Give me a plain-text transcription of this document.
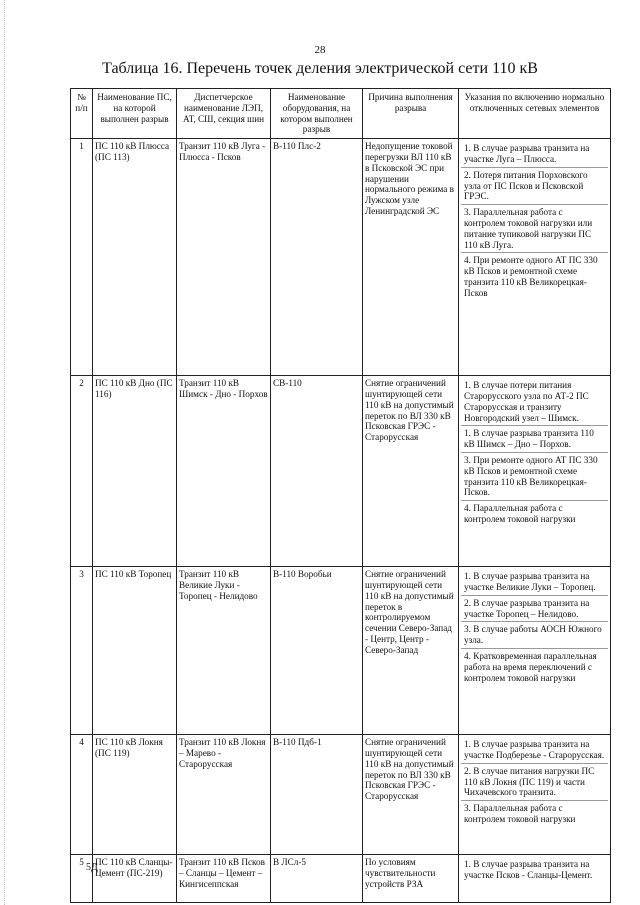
28
Таблица 16. Перечень точек деления электрической сети 110 кВ
№ п/п	Наименование ПС, на которой выполнен разрыв	Диспетчерское наименование ЛЭП, АТ, СШ, секция шин	Наименование оборудования, на котором выполнен разрыв	Причина выполнения разрыва	Указания по включению нормально отключенных сетевых элементов
1	ПС 110 кВ Плюсса (ПС 113)	Транзит 110 кВ Луга - Плюсса - Псков	В-110 Плс-2	Недопущение токовой перегрузки ВЛ 110 кВ в Псковской ЭС при нарушении нормального режима в Лужском узле Ленинградской ЭС	1. В случае разрыва транзита на участке Луга – Плюсса.
2. Потеря питания Порховского узла от ПС Псков и Псковской ГРЭС.
3. Параллельная работа с контролем токовой нагрузки или питание тупиковой нагрузки ПС 110 кВ Луга.
4. При ремонте одного АТ ПС 330 кВ Псков и ремонтной схеме транзита 110 кВ Великорецкая-Псков

2	ПС 110 кВ Дно (ПС 116)	Транзит 110 кВ Шимск - Дно - Порхов	СВ-110	Снятие ограничений шунтирующей сети 110 кВ на допустимый переток по ВЛ 330 кВ Псковская ГРЭС - Старорусская	1. В случае потери питания Старорусского узла по АТ-2 ПС Старорусская и транзиту Новгородский узел – Шимск.
1. В случае разрыва транзита 110 кВ Шимск – Дно – Порхов.
3. При ремонте одного АТ ПС 330 кВ Псков и ремонтной схеме транзита 110 кВ Великорецкая-Псков.
4. Параллельная работа с контролем токовой нагрузки

3	ПС 110 кВ Торопец	Транзит 110 кВ Великие Луки - Торопец - Нелидово	В-110 Воробьи	Снятие ограничений шунтирующей сети 110 кВ на допустимый переток в контролируемом сечении Северо-Запад - Центр, Центр - Северо-Запад	1. В случае разрыва транзита на участке Великие Луки – Торопец.
2. В случае разрыва транзита на участке Торопец – Нелидово.
3. В случае работы АОСН Южного узла.
4. Кратковременная параллельная работа на время переключений с контролем токовой нагрузки

4	ПС 110 кВ Локня (ПС 119)	Транзит 110 кВ Локня – Марево - Старорусская	В-110 Пдб-1	Снятие ограничений шунтирующей сети 110 кВ на допустимый переток по ВЛ 330 кВ Псковская ГРЭС - Старорусская	1. В случае разрыва транзита на участке Подберезье - Старорусская.
2. В случае питания нагрузки ПС 110 кВ Локня (ПС 119) и части Чихачевского транзита.
3. Параллельная работа с контролем токовой нагрузки

5	ПС 110 кВ Сланцы-Цемент (ПС-219)	Транзит 110 кВ Псков – Сланцы – Цемент – Кингисеппская	В ЛСл-5	По условиям чувствительности устройств РЗА	1. В случае разрыва транзита на участке Псков - Сланцы-Цемент.
5Д
